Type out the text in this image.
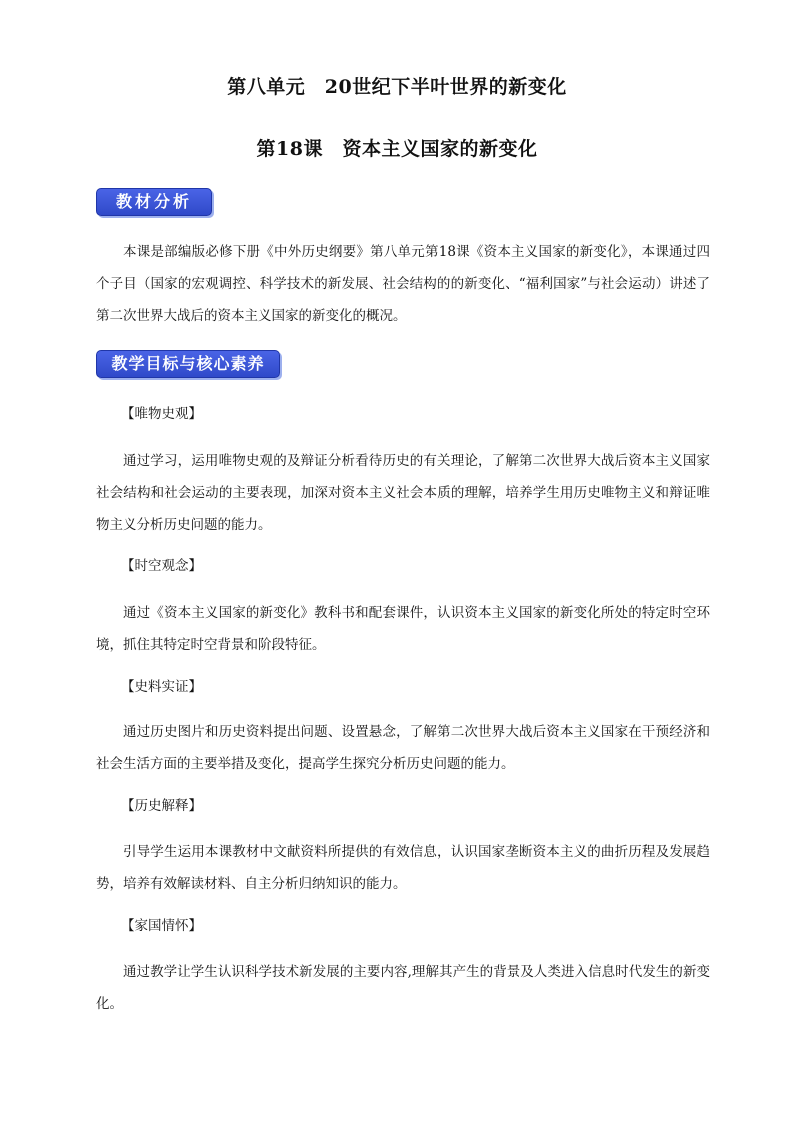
第八单元　20世纪下半叶世界的新变化
第18课　资本主义国家的新变化
教材分析
本课是部编版必修下册《中外历史纲要》第八单元第18课《资本主义国家的新变化》，本课通过四个子目（国家的宏观调控、科学技术的新发展、社会结构的的新变化、“福利国家”与社会运动）讲述了第二次世界大战后的资本主义国家的新变化的概况。
教学目标与核心素养
【唯物史观】
通过学习，运用唯物史观的及辩证分析看待历史的有关理论，了解第二次世界大战后资本主义国家社会结构和社会运动的主要表现，加深对资本主义社会本质的理解，培养学生用历史唯物主义和辩证唯物主义分析历史问题的能力。
【时空观念】
通过《资本主义国家的新变化》教科书和配套课件，认识资本主义国家的新变化所处的特定时空环境，抓住其特定时空背景和阶段特征。
【史料实证】
通过历史图片和历史资料提出问题、设置悬念，了解第二次世界大战后资本主义国家在干预经济和社会生活方面的主要举措及变化，提高学生探究分析历史问题的能力。
【历史解释】
引导学生运用本课教材中文献资料所提供的有效信息，认识国家垄断资本主义的曲折历程及发展趋势，培养有效解读材料、自主分析归纳知识的能力。
【家国情怀】
通过教学让学生认识科学技术新发展的主要内容,理解其产生的背景及人类进入信息时代发生的新变化。
